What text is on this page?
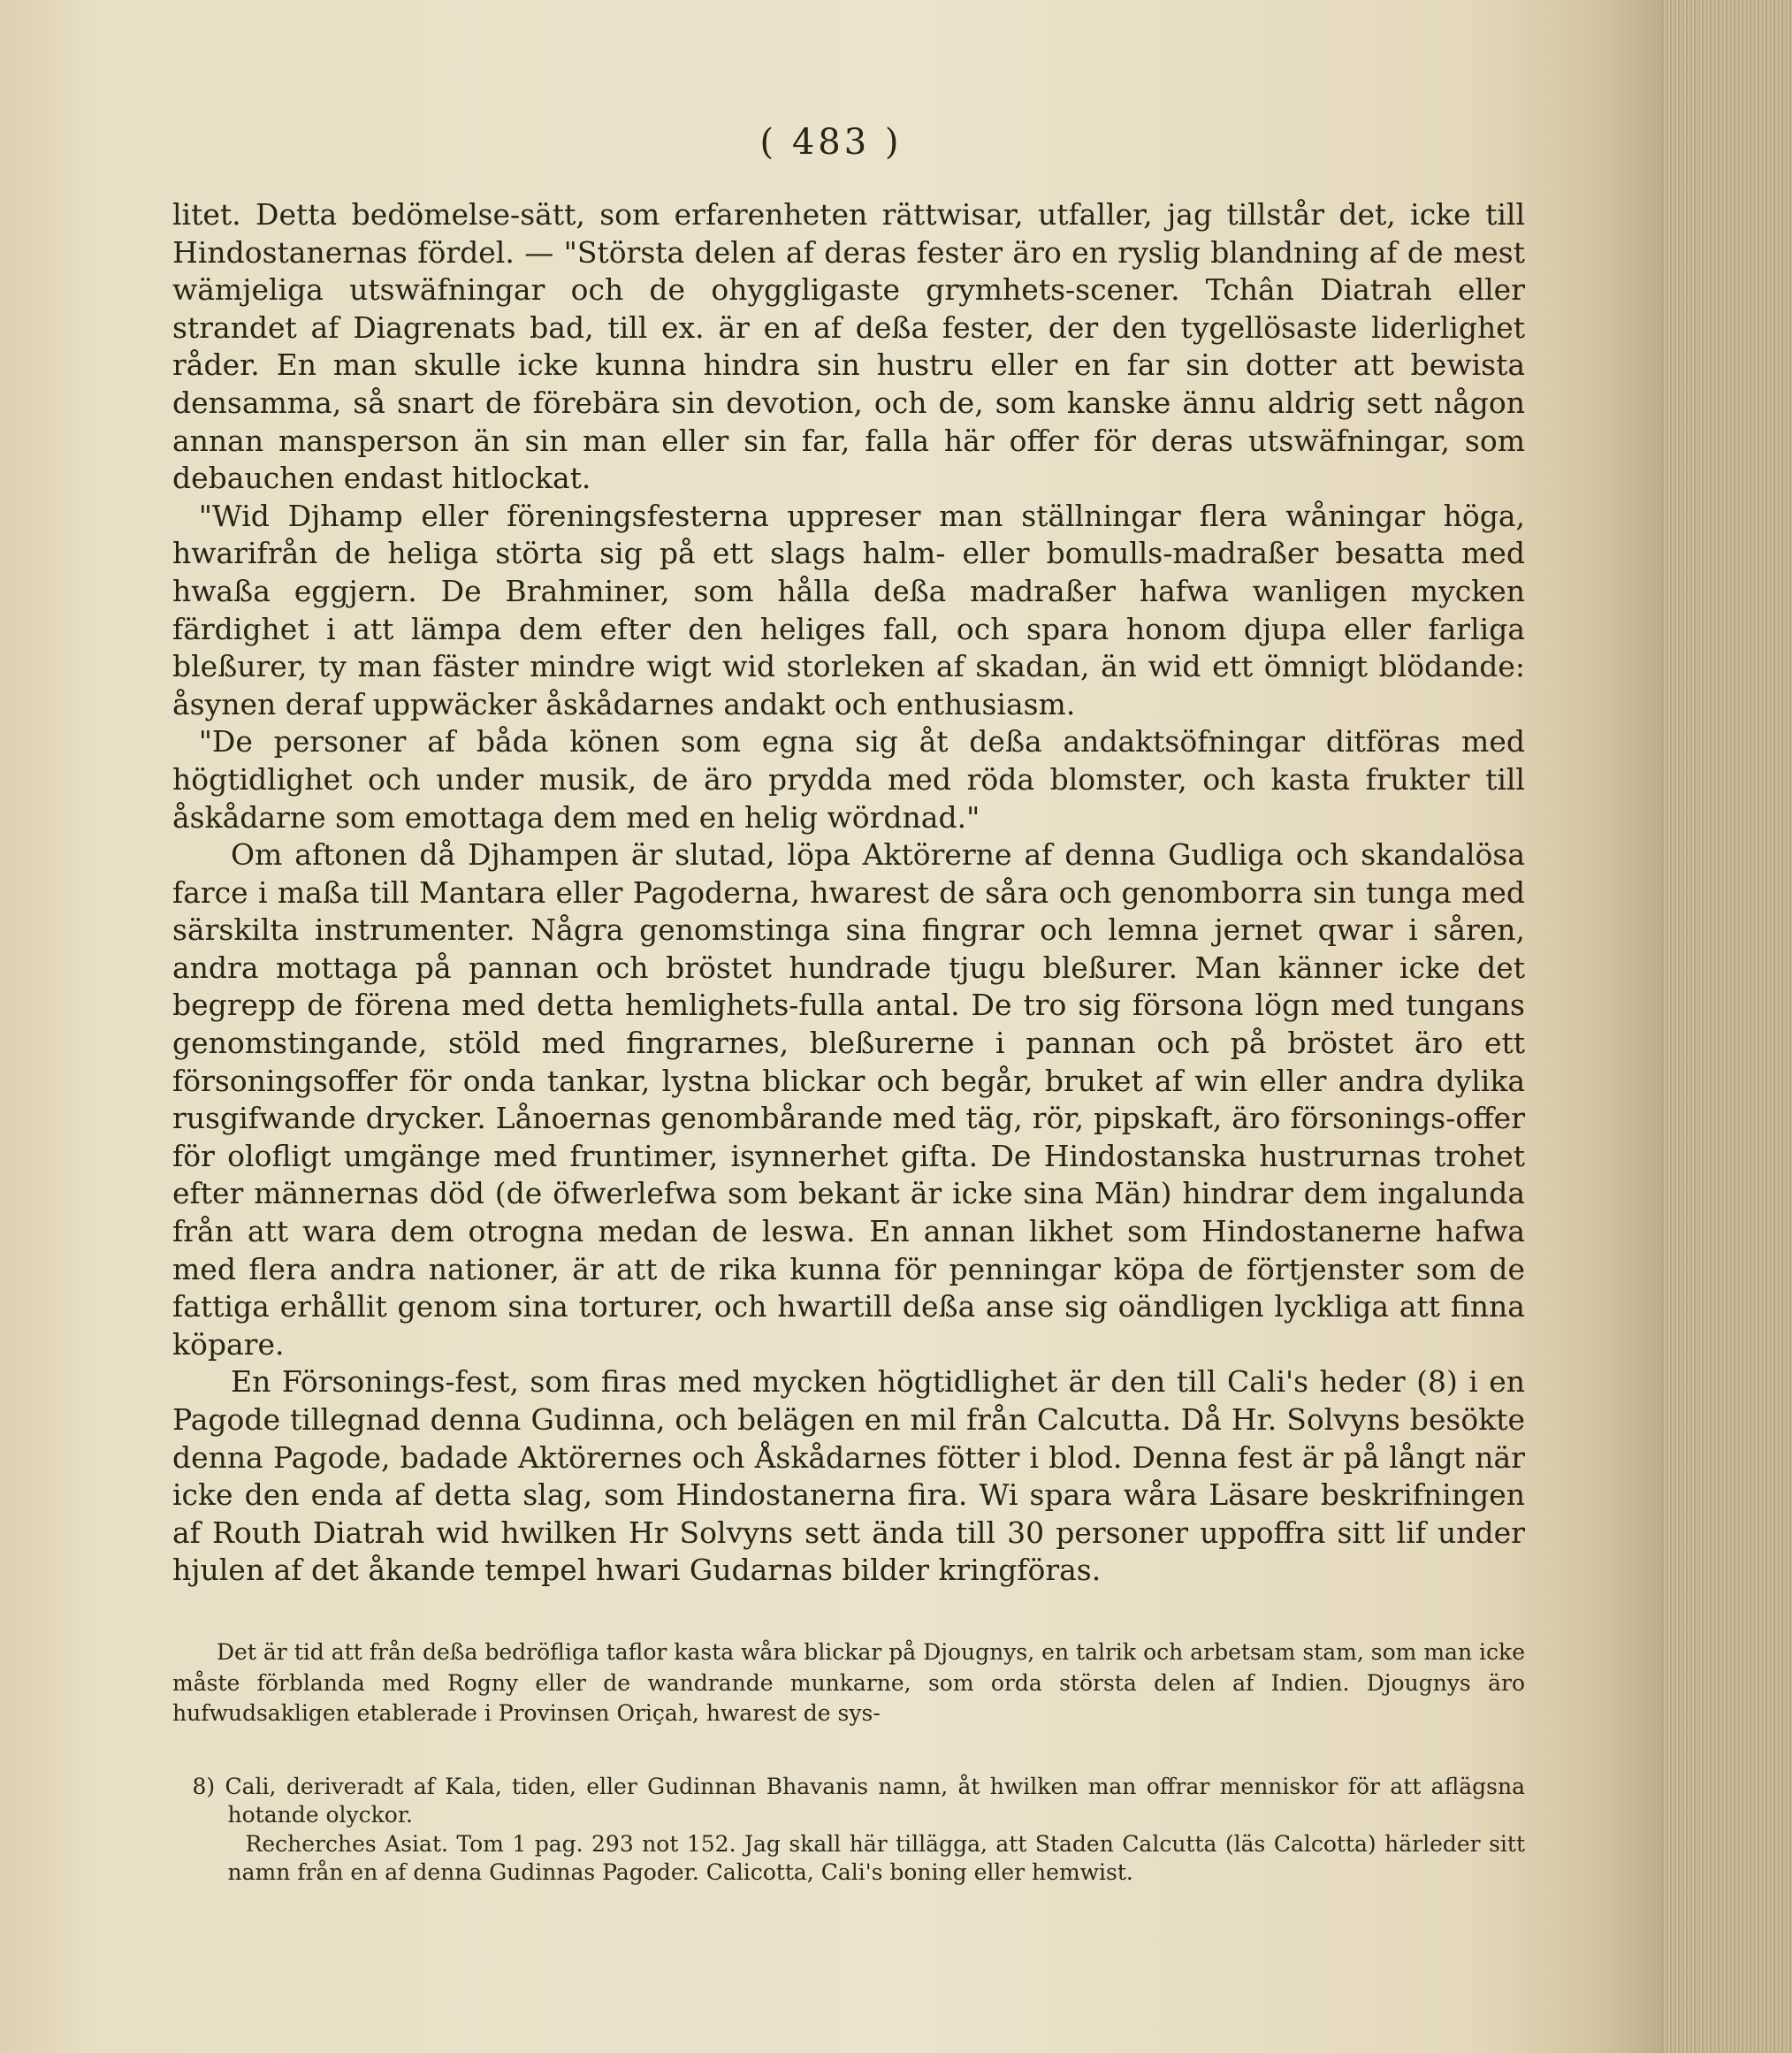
( 483 )

litet. Detta bedömelse-sätt, som erfarenheten rättwisar, utfaller, jag tillstår det, icke till Hindostanernas fördel. — "Största delen af deras fester äro en ryslig blandning af de mest wämjeliga utswäfningar och de ohyggligaste grymhets-scener. Tchân Diatrah eller strandet af Diagrenats bad, till ex. är en af deßa fester, der den tygellösaste liderlighet råder. En man skulle icke kunna hindra sin hustru eller en far sin dotter att bewista densamma, så snart de förebära sin devotion, och de, som kanske ännu aldrig sett någon annan mansperson än sin man eller sin far, falla här offer för deras utswäfningar, som debauchen endast hitlockat.

"Wid Djhamp eller föreningsfesterna uppreser man ställningar flera wåningar höga, hwarifrån de heliga störta sig på ett slags halm- eller bomulls-madraßer besatta med hwaßa eggjern. De Brahminer, som hålla deßa madraßer hafwa wanligen mycken färdighet i att lämpa dem efter den heliges fall, och spara honom djupa eller farliga bleßurer, ty man fäster mindre wigt wid storleken af skadan, än wid ett ömnigt blödande: åsynen deraf uppwäcker åskådarnes andakt och enthusiasm.

"De personer af båda könen som egna sig åt deßa andaktsöfningar ditföras med högtidlighet och under musik, de äro prydda med röda blomster, och kasta frukter till åskådarne som emottaga dem med en helig wördnad."

Om aftonen då Djhampen är slutad, löpa Aktörerne af denna Gudliga och skandalösa farce i maßa till Mantara eller Pagoderna, hwarest de såra och genomborra sin tunga med särskilta instrumenter. Några genomstinga sina fingrar och lemna jernet qwar i såren, andra mottaga på pannan och bröstet hundrade tjugu bleßurer. Man känner icke det begrepp de förena med detta hemlighets-fulla antal. De tro sig försona lögn med tungans genomstingande, stöld med fingrarnes, bleßurerne i pannan och på bröstet äro ett försoningsoffer för onda tankar, lystna blickar och begår, bruket af win eller andra dylika rusgifwande drycker. Lånoernas genombårande med täg, rör, pipskaft, äro försonings-offer för olofligt umgänge med fruntimer, isynnerhet gifta. De Hindostanska hustrurnas trohet efter männernas död (de öfwerlefwa som bekant är icke sina Män) hindrar dem ingalunda från att wara dem otrogna medan de leswa. En annan likhet som Hindostanerne hafwa med flera andra nationer, är att de rika kunna för penningar köpa de förtjenster som de fattiga erhållit genom sina torturer, och hwartill deßa anse sig oändligen lyckliga att finna köpare.

En Försonings-fest, som firas med mycken högtidlighet är den till Cali's heder (8) i en Pagode tillegnad denna Gudinna, och belägen en mil från Calcutta. Då Hr. Solvyns besökte denna Pagode, badade Aktörernes och Åskådarnes fötter i blod. Denna fest är på långt när icke den enda af detta slag, som Hindostanerna fira. Wi spara wåra Läsare beskrifningen af Routh Diatrah wid hwilken Hr Solvyns sett ända till 30 personer uppoffra sitt lif under hjulen af det åkande tempel hwari Gudarnas bilder kringföras.

Det är tid att från deßa bedröfliga taflor kasta wåra blickar på Djougnys, en talrik och arbetsam stam, som man icke måste förblanda med Rogny eller de wandrande munkarne, som orda största delen af Indien. Djougnys äro hufwudsakligen etablerade i Provinsen Oriçah, hwarest de sys-

8) Cali, deriveradt af Kala, tiden, eller Gudinnan Bhavanis namn, åt hwilken man offrar menniskor för att aflägsna hotande olyckor.

Recherches Asiat. Tom 1 pag. 293 not 152. Jag skall här tillägga, att Staden Calcutta (läs Calcotta) härleder sitt namn från en af denna Gudinnas Pagoder. Calicotta, Cali's boning eller hemwist.
